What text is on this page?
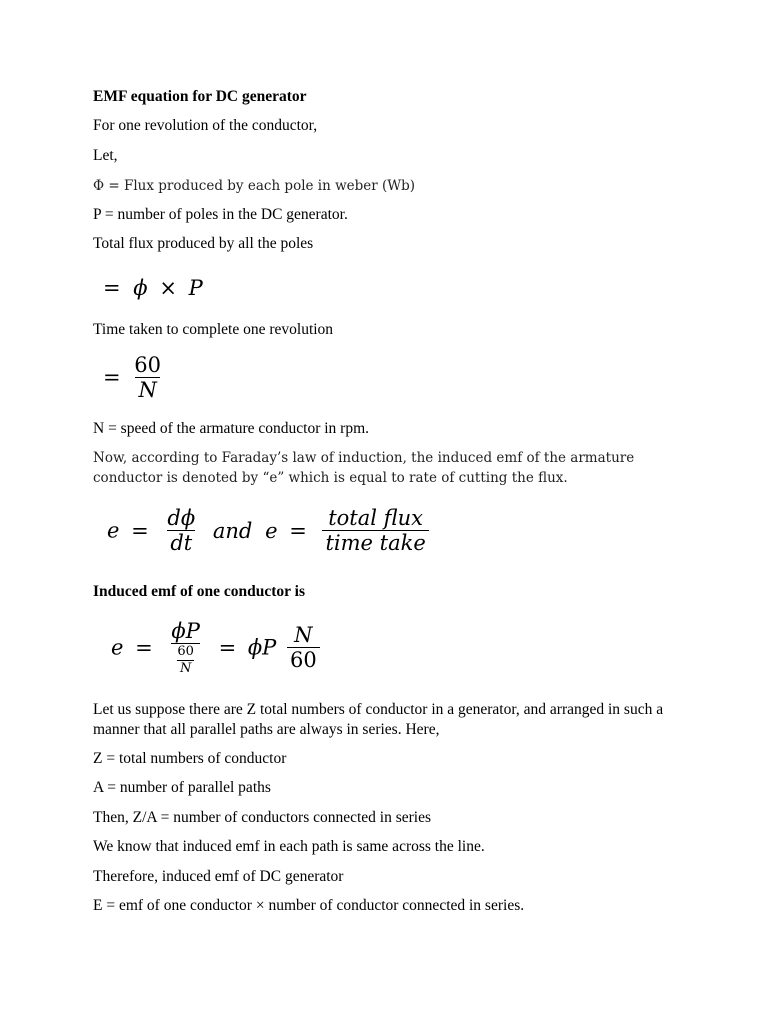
EMF equation for DC generator
For one revolution of the conductor,
Let,
Φ = Flux produced by each pole in weber (Wb)
P = number of poles in the DC generator.
Total flux produced by all the poles
= ϕ × P
Time taken to complete one revolution
= $\frac{60}{N}$
N = speed of the armature conductor in rpm.
Now, according to Faraday’s law of induction, the induced emf of the armature conductor is denoted by “e” which is equal to rate of cutting the flux.
$e = \frac{d\phi}{dt}$ and $e = \frac{\text{total flux}}{\text{time take}}$
Induced emf of one conductor is
$e = \frac{\phi P}{\frac{60}{N}} = \phi P \frac{N}{60}$
Let us suppose there are Z total numbers of conductor in a generator, and arranged in such a manner that all parallel paths are always in series. Here,
Z = total numbers of conductor
A = number of parallel paths
Then, Z/A = number of conductors connected in series
We know that induced emf in each path is same across the line.
Therefore, induced emf of DC generator
E = emf of one conductor × number of conductor connected in series.
